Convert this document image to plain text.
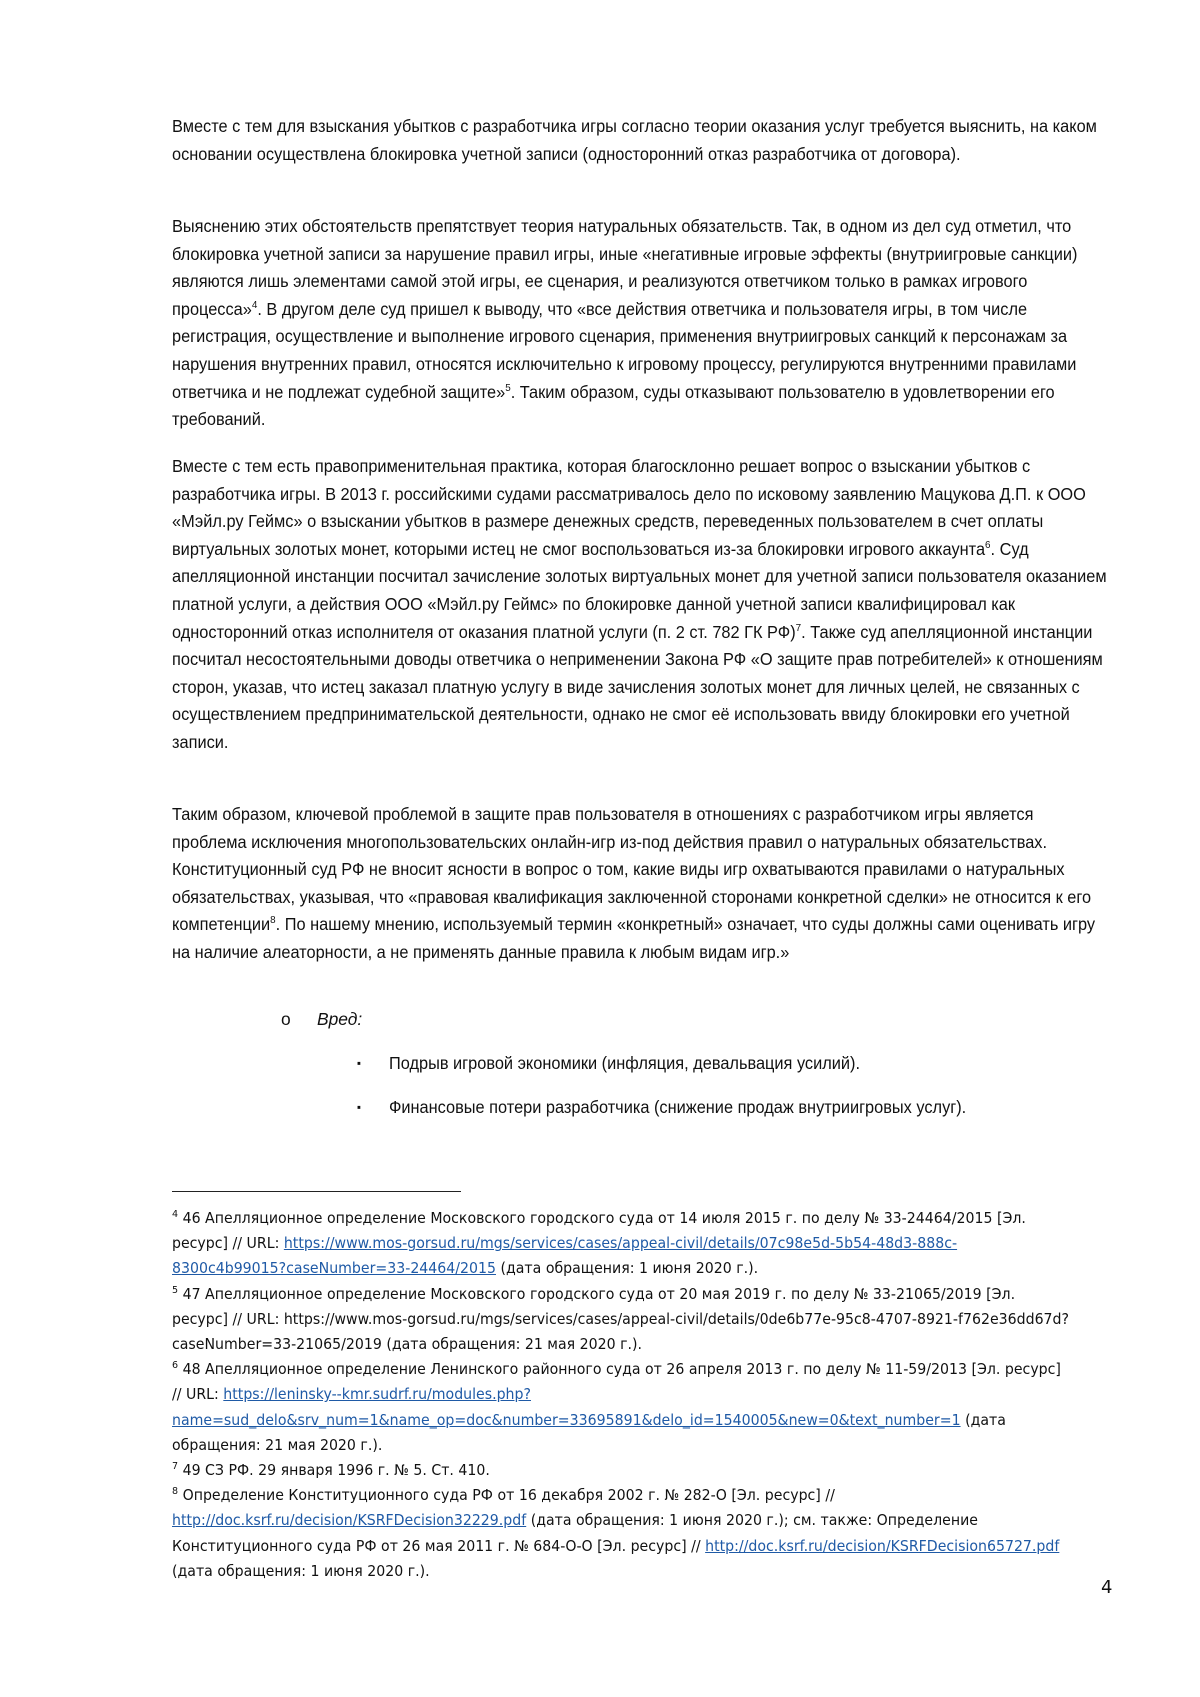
Вместе с тем для взыскания убытков с разработчика игры согласно теории оказания услуг требуется выяснить, на каком основании осуществлена блокировка учетной записи (односторонний отказ разработчика от договора).

Выяснению этих обстоятельств препятствует теория натуральных обязательств. Так, в одном из дел суд отметил, что блокировка учетной записи за нарушение правил игры, иные «негативные игровые эффекты (внутриигровые санкции) являются лишь элементами самой этой игры, ее сценария, и реализуются ответчиком только в рамках игрового процесса»$^4$. В другом деле суд пришел к выводу, что «все действия ответчика и пользователя игры, в том числе регистрация, осуществление и выполнение игрового сценария, применения внутриигровых санкций к персонажам за нарушения внутренних правил, относятся исключительно к игровому процессу, регулируются внутренними правилами ответчика и не подлежат судебной защите»$^5$. Таким образом, суды отказывают пользователю в удовлетворении его требований.

Вместе с тем есть правоприменительная практика, которая благосклонно решает вопрос о взыскании убытков с разработчика игры. В 2013 г. российскими судами рассматривалось дело по исковому заявлению Мацукова Д.П. к ООО «Мэйл.ру Геймс» о взыскании убытков в размере денежных средств, переведенных пользователем в счет оплаты виртуальных золотых монет, которыми истец не смог воспользоваться из-за блокировки игрового аккаунта$^6$. Суд апелляционной инстанции посчитал зачисление золотых виртуальных монет для учетной записи пользователя оказанием платной услуги, а действия ООО «Мэйл.ру Геймс» по блокировке данной учетной записи квалифицировал как односторонний отказ исполнителя от оказания платной услуги (п. 2 ст. 782 ГК РФ)$^7$. Также суд апелляционной инстанции посчитал несостоятельными доводы ответчика о неприменении Закона РФ «О защите прав потребителей» к отношениям сторон, указав, что истец заказал платную услугу в виде зачисления золотых монет для личных целей, не связанных с осуществлением предпринимательской деятельности, однако не смог её использовать ввиду блокировки его учетной записи.

Таким образом, ключевой проблемой в защите прав пользователя в отношениях с разработчиком игры является проблема исключения многопользовательских онлайн-игр из-под действия правил о натуральных обязательствах. Конституционный суд РФ не вносит ясности в вопрос о том, какие виды игр охватываются правилами о натуральных обязательствах, указывая, что «правовая квалификация заключенной сторонами конкретной сделки» не относится к его компетенции$^8$. По нашему мнению, используемый термин «конкретный» означает, что суды должны сами оценивать игру на наличие алеаторности, а не применять данные правила к любым видам игр.»

o Вред:
▪ Подрыв игровой экономики (инфляция, девальвация усилий).
▪ Финансовые потери разработчика (снижение продаж внутриигровых услуг).

$^4$ 46 Апелляционное определение Московского городского суда от 14 июля 2015 г. по делу № 33-24464/2015 [Эл. ресурс] // URL: https://www.mos-gorsud.ru/mgs/services/cases/appeal-civil/details/07c98e5d-5b54-48d3-888c-8300c4b99015?caseNumber=33-24464/2015 (дата обращения: 1 июня 2020 г.).

$^5$ 47 Апелляционное определение Московского городского суда от 20 мая 2019 г. по делу № 33-21065/2019 [Эл. ресурс] // URL: https://www.mos-gorsud.ru/mgs/services/cases/appeal-civil/details/0de6b77e-95c8-4707-8921-f762e36dd67d?caseNumber=33-21065/2019 (дата обращения: 21 мая 2020 г.).

$^6$ 48 Апелляционное определение Ленинского районного суда от 26 апреля 2013 г. по делу № 11-59/2013 [Эл. ресурс] // URL: https://leninsky--kmr.sudrf.ru/modules.php?name=sud_delo&srv_num=1&name_op=doc&number=33695891&delo_id=1540005&new=0&text_number=1 (дата обращения: 21 мая 2020 г.).

$^7$ 49 СЗ РФ. 29 января 1996 г. № 5. Ст. 410.

$^8$ Определение Конституционного суда РФ от 16 декабря 2002 г. № 282-О [Эл. ресурс] // http://doc.ksrf.ru/decision/KSRFDecision32229.pdf (дата обращения: 1 июня 2020 г.); см. также: Определение Конституционного суда РФ от 26 мая 2011 г. № 684-О-О [Эл. ресурс] // http://doc.ksrf.ru/decision/KSRFDecision65727.pdf (дата обращения: 1 июня 2020 г.).

4
